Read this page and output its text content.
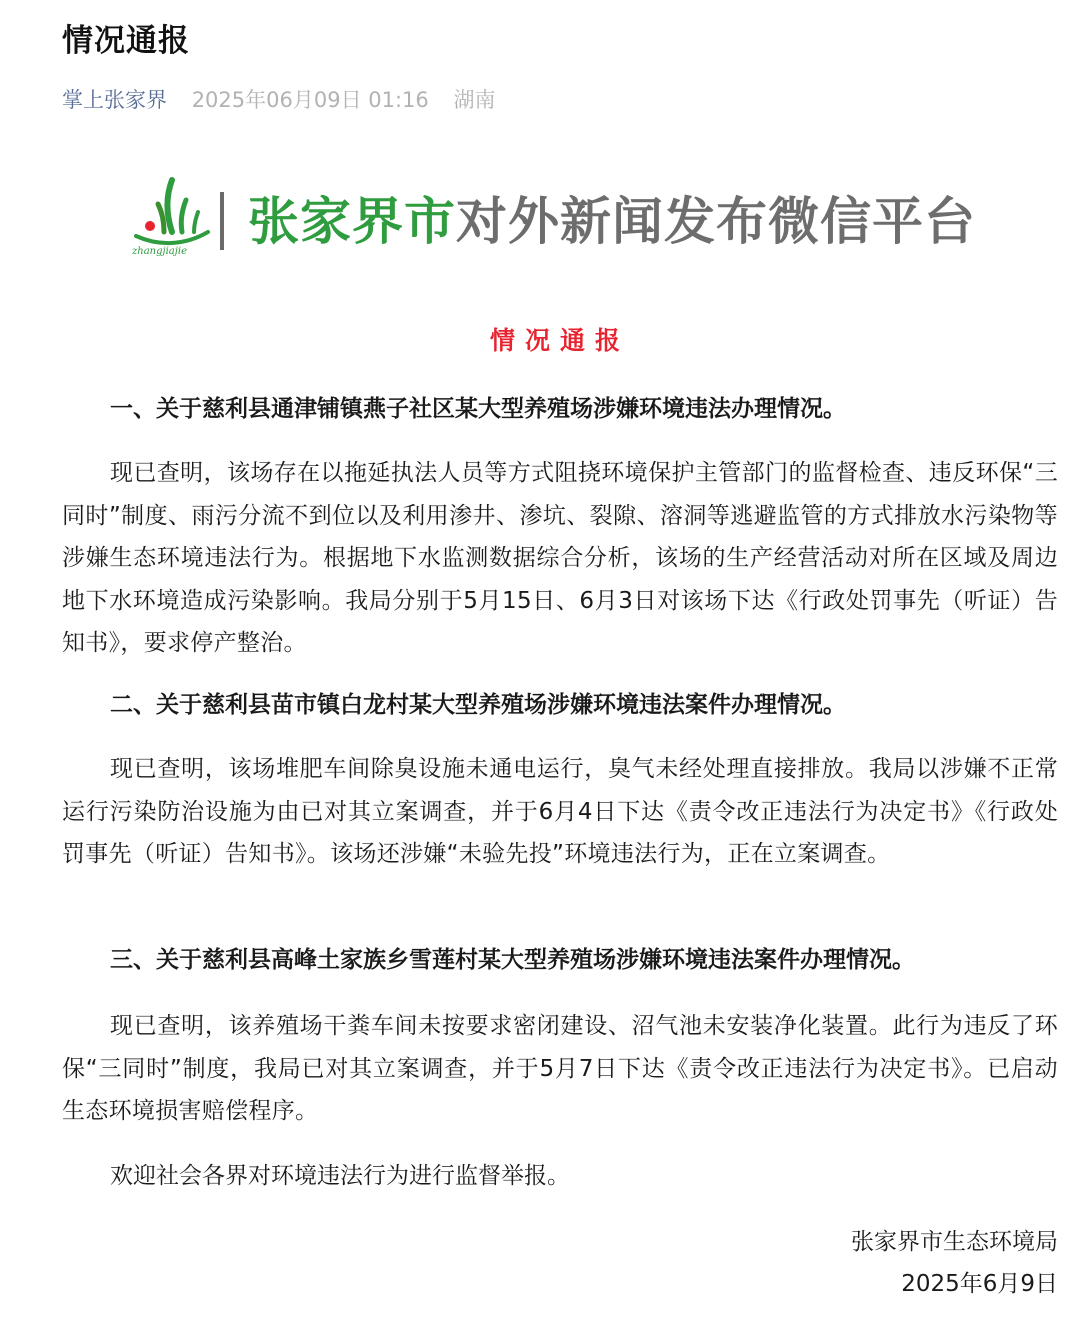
情况通报
掌上张家界 2025年06月09日 01:16 湖南
zhangjiajie 张家界市对外新闻发布微信平台
情况通报
一、关于慈利县通津铺镇燕子社区某大型养殖场涉嫌环境违法办理情况。

现已查明，该场存在以拖延执法人员等方式阻挠环境保护主管部门的监督检查、违反环保“三同时”制度、雨污分流不到位以及利用渗井、渗坑、裂隙、溶洞等逃避监管的方式排放水污染物等涉嫌生态环境违法行为。根据地下水监测数据综合分析，该场的生产经营活动对所在区域及周边地下水环境造成污染影响。我局分别于5月15日、6月3日对该场下达《行政处罚事先（听证）告知书》，要求停产整治。

二、关于慈利县苗市镇白龙村某大型养殖场涉嫌环境违法案件办理情况。

现已查明，该场堆肥车间除臭设施未通电运行，臭气未经处理直接排放。我局以涉嫌不正常运行污染防治设施为由已对其立案调查，并于6月4日下达《责令改正违法行为决定书》《行政处罚事先（听证）告知书》。该场还涉嫌“未验先投”环境违法行为，正在立案调查。

三、关于慈利县高峰土家族乡雪莲村某大型养殖场涉嫌环境违法案件办理情况。

现已查明，该养殖场干粪车间未按要求密闭建设、沼气池未安装净化装置。此行为违反了环保“三同时”制度，我局已对其立案调查，并于5月7日下达《责令改正违法行为决定书》。已启动生态环境损害赔偿程序。

欢迎社会各界对环境违法行为进行监督举报。
张家界市生态环境局
2025年6月9日
